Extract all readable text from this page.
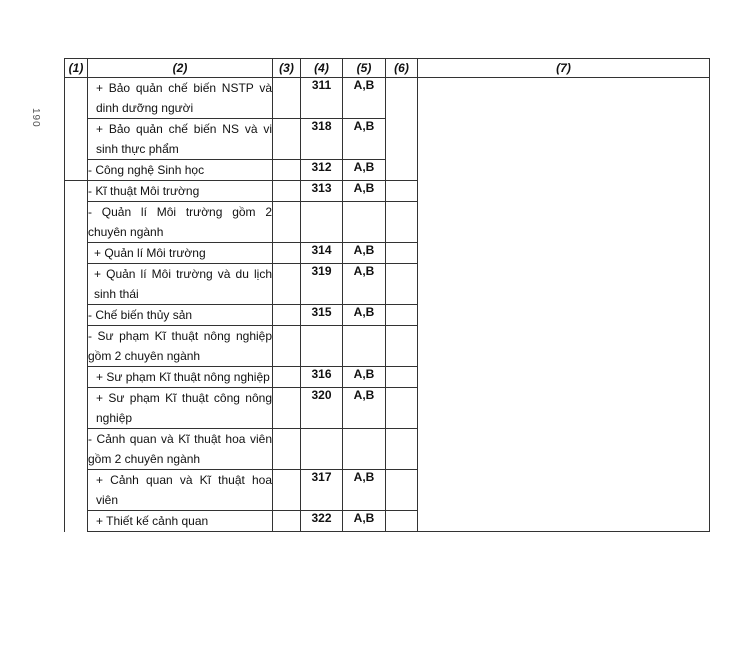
190
(1)	(2)	(3)	(4)	(5)	(6)	(7)

	+ Bảo quản chế biến NSTP và dinh dưỡng người		311	A,B		

	+ Bảo quản chế biến NS và vi sinh thực phẩm		318	A,B		

	- Công nghệ Sinh học		312	A,B		

	- Kĩ thuật Môi trường		313	A,B		

	- Quản lí Môi trường gồm 2 chuyên ngành					

	+ Quản lí Môi trường		314	A,B		

	+ Quản lí Môi trường và du lịch sinh thái		319	A,B		

	- Chế biến thủy sản		315	A,B		

	- Sư phạm Kĩ thuật nông nghiệp gồm 2 chuyên ngành					

	+ Sư phạm Kĩ thuật nông nghiệp		316	A,B		

	+ Sư phạm Kĩ thuật công nông nghiệp		320	A,B		

	- Cảnh quan và Kĩ thuật hoa viên gồm 2 chuyên ngành					

	+ Cảnh quan và Kĩ thuật hoa viên		317	A,B		

	+ Thiết kế cảnh quan		322	A,B		
